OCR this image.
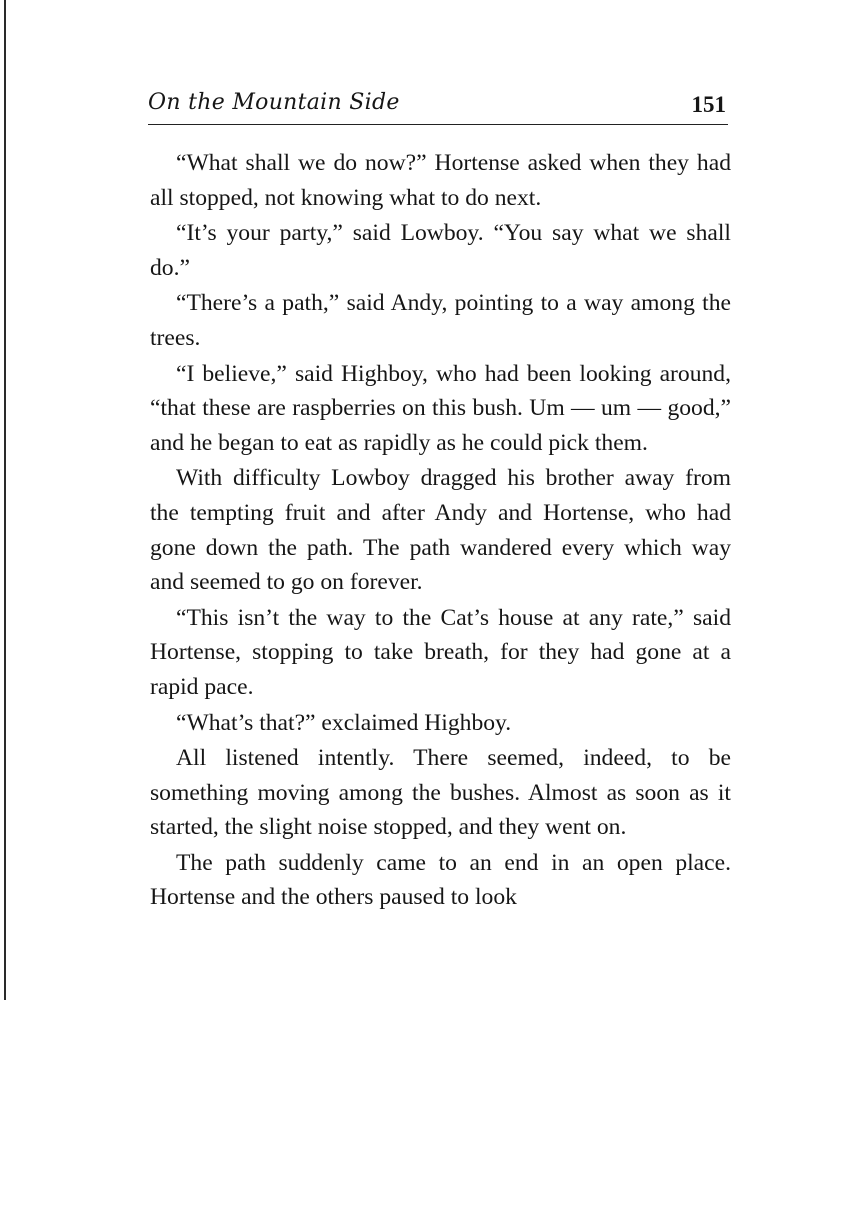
On the Mountain Side	151

“What shall we do now?” Hortense asked when they had all stopped, not knowing what to do next.

“It’s your party,” said Lowboy. “You say what we shall do.”

“There’s a path,” said Andy, pointing to a way among the trees.

“I believe,” said Highboy, who had been looking around, “that these are raspberries on this bush. Um — um — good,” and he began to eat as rapidly as he could pick them.

With difficulty Lowboy dragged his brother away from the tempting fruit and after Andy and Hortense, who had gone down the path. The path wandered every which way and seemed to go on forever.

“This isn’t the way to the Cat’s house at any rate,” said Hortense, stopping to take breath, for they had gone at a rapid pace.

“What’s that?” exclaimed Highboy.

All listened intently. There seemed, indeed, to be something moving among the bushes. Almost as soon as it started, the slight noise stopped, and they went on.

The path suddenly came to an end in an open place. Hortense and the others paused to look
